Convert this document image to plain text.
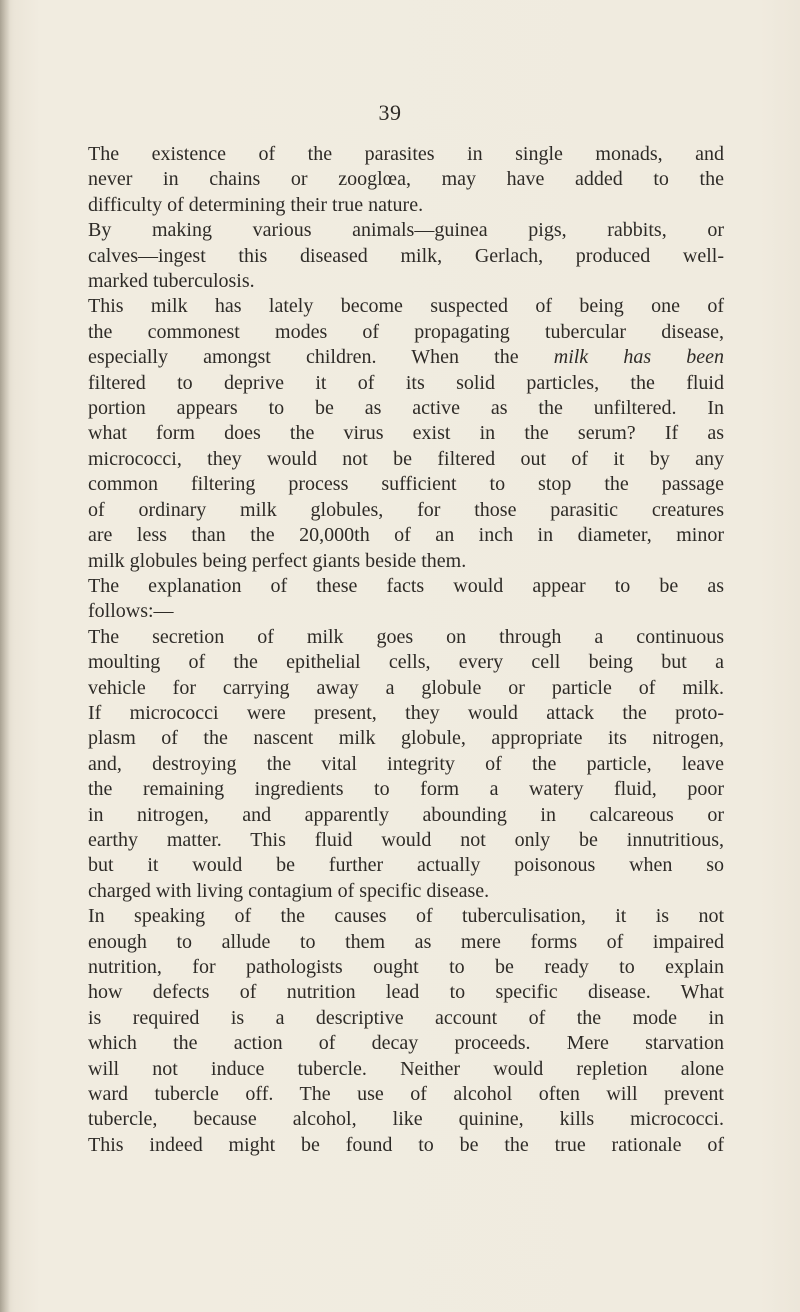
39

The existence of the parasites in single monads, and

never in chains or zooglœa, may have added to the

difficulty of determining their true nature.

By making various animals—guinea pigs, rabbits, or

calves—ingest this diseased milk, Gerlach, produced well-

marked tuberculosis.

This milk has lately become suspected of being one of

the commonest modes of propagating tubercular disease,

especially amongst children. When the milk has been

filtered to deprive it of its solid particles, the fluid

portion appears to be as active as the unfiltered. In

what form does the virus exist in the serum? If as

micrococci, they would not be filtered out of it by any

common filtering process sufficient to stop the passage

of ordinary milk globules, for those parasitic creatures

are less than the 20,000th of an inch in diameter, minor

milk globules being perfect giants beside them.

The explanation of these facts would appear to be as

follows:—

The secretion of milk goes on through a continuous

moulting of the epithelial cells, every cell being but a

vehicle for carrying away a globule or particle of milk.

If micrococci were present, they would attack the proto-

plasm of the nascent milk globule, appropriate its nitrogen,

and, destroying the vital integrity of the particle, leave

the remaining ingredients to form a watery fluid, poor

in nitrogen, and apparently abounding in calcareous or

earthy matter. This fluid would not only be innutritious,

but it would be further actually poisonous when so

charged with living contagium of specific disease.

In speaking of the causes of tuberculisation, it is not

enough to allude to them as mere forms of impaired

nutrition, for pathologists ought to be ready to explain

how defects of nutrition lead to specific disease. What

is required is a descriptive account of the mode in

which the action of decay proceeds. Mere starvation

will not induce tubercle. Neither would repletion alone

ward tubercle off. The use of alcohol often will prevent

tubercle, because alcohol, like quinine, kills micrococci.

This indeed might be found to be the true rationale of
